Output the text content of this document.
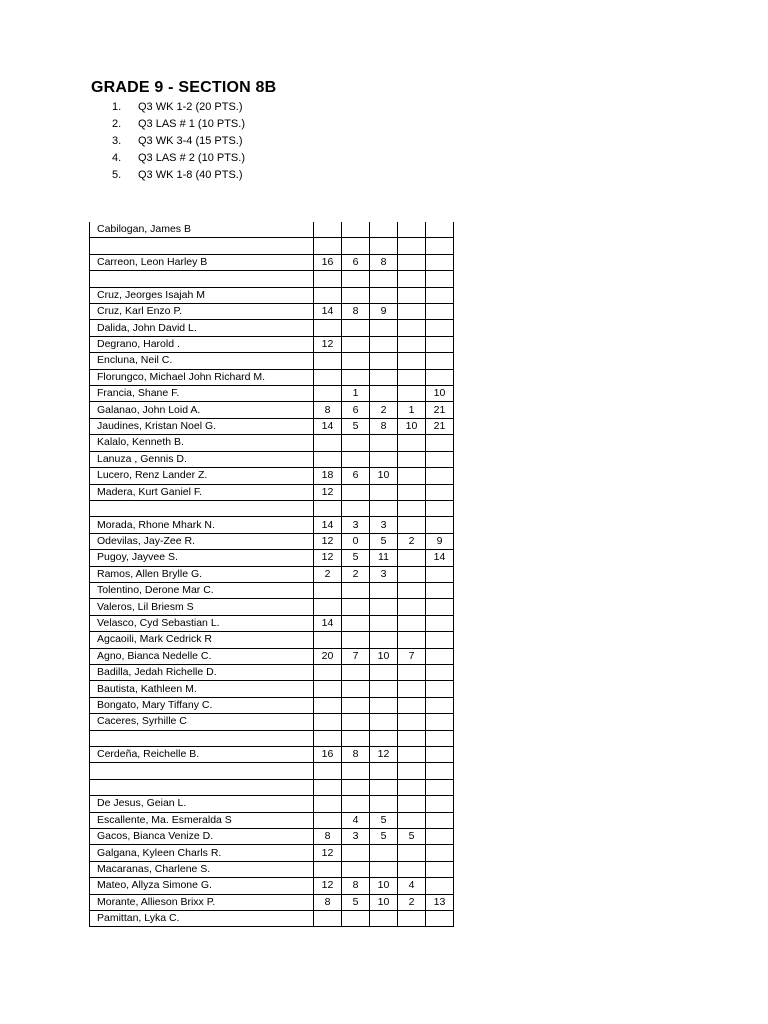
GRADE 9 - SECTION 8B
1.	Q3 WK 1-2 (20 PTS.)
2.	Q3 LAS # 1 (10 PTS.)
3.	Q3 WK 3-4 (15 PTS.)
4.	Q3 LAS # 2 (10 PTS.)
5.	Q3 WK 1-8 (40 PTS.)
Cabilogan, James B					

Carreon, Leon Harley B	16	6	8		

Cruz, Jeorges Isajah M					
Cruz, Karl Enzo P.	14	8	9		
Dalida, John David L.					
Degrano, Harold .	12				
Encluna, Neil C.					
Florungco, Michael John Richard M.					
Francia, Shane F.		1			10
Galanao, John Loid A.	8	6	2	1	21
Jaudines, Kristan Noel G.	14	5	8	10	21
Kalalo, Kenneth B.					
Lanuza , Gennis D.					
Lucero, Renz Lander Z.	18	6	10		
Madera, Kurt Ganiel F.	12				

Morada, Rhone Mhark N.	14	3	3		
Odevilas, Jay-Zee R.	12	0	5	2	9
Pugoy, Jayvee S.	12	5	11		14
Ramos, Allen Brylle G.	2	2	3		
Tolentino, Derone Mar C.					
Valeros, Lil Briesm S					
Velasco, Cyd Sebastian L.	14				
Agcaoili, Mark Cedrick R					
Agno, Bianca Nedelle C.	20	7	10	7	
Badilla, Jedah Richelle D.					
Bautista, Kathleen M.					
Bongato, Mary Tiffany C.					
Caceres, Syrhille C					

Cerdeña, Reichelle B.	16	8	12		

De Jesus, Geian L.					
Escallente, Ma. Esmeralda S		4	5		
Gacos, Bianca Venize D.	8	3	5	5	
Galgana, Kyleen Charls R.	12				
Macaranas, Charlene S.					
Mateo, Allyza Simone G.	12	8	10	4	
Morante, Allieson Brixx P.	8	5	10	2	13
Pamittan, Lyka C.					
